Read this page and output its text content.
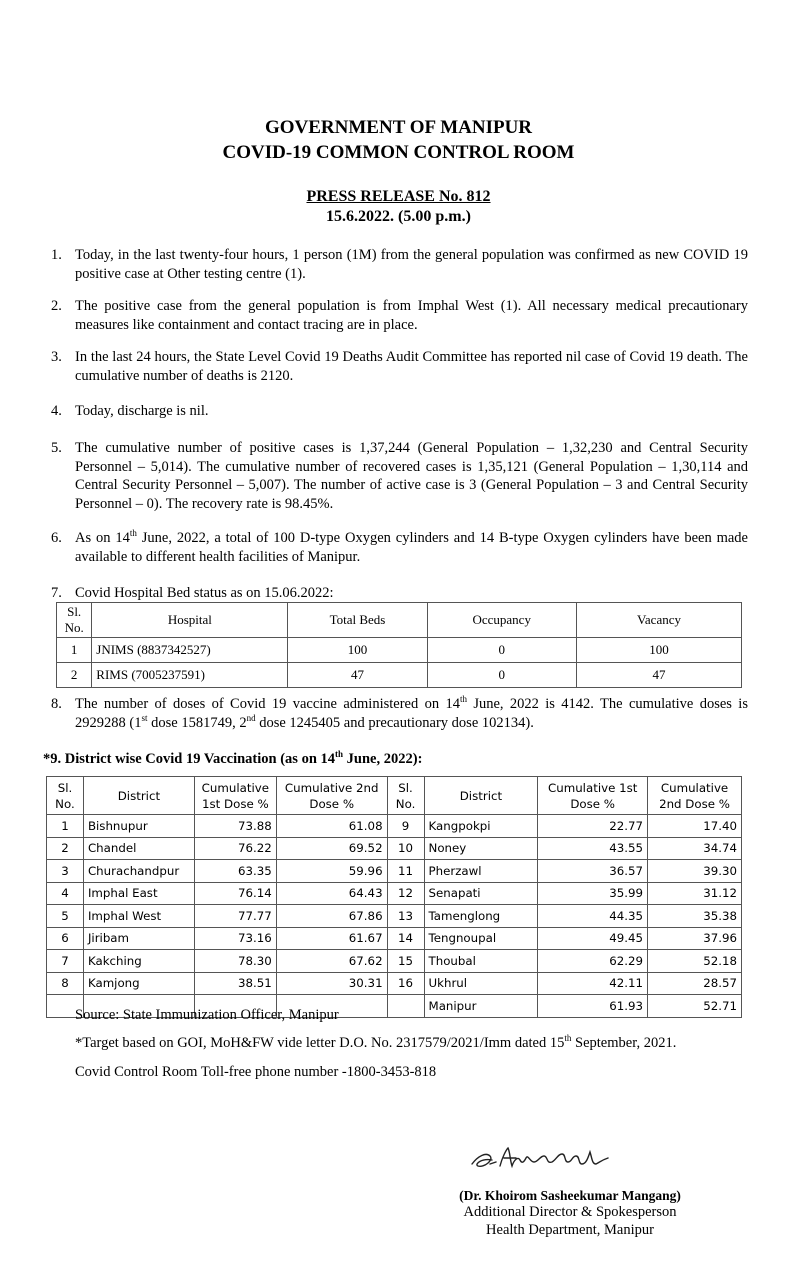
GOVERNMENT OF MANIPUR
COVID-19 COMMON CONTROL ROOM
PRESS RELEASE No. 812
15.6.2022. (5.00 p.m.)
1. Today, in the last twenty-four hours, 1 person (1M) from the general population was confirmed as new COVID 19 positive case at Other testing centre (1).
2. The positive case from the general population is from Imphal West (1). All necessary medical precautionary measures like containment and contact tracing are in place.
3. In the last 24 hours, the State Level Covid 19 Deaths Audit Committee has reported nil case of Covid 19 death. The cumulative number of deaths is 2120.
4. Today, discharge is nil.
5. The cumulative number of positive cases is 1,37,244 (General Population – 1,32,230 and Central Security Personnel – 5,014). The cumulative number of recovered cases is 1,35,121 (General Population – 1,30,114 and Central Security Personnel – 5,007). The number of active case is 3 (General Population – 3 and Central Security Personnel – 0). The recovery rate is 98.45%.
6. As on 14th June, 2022, a total of 100 D-type Oxygen cylinders and 14 B-type Oxygen cylinders have been made available to different health facilities of Manipur.
7. Covid Hospital Bed status as on 15.06.2022:
Sl. No.	Hospital	Total Beds	Occupancy	Vacancy
1	JNIMS (8837342527)	100	0	100
2	RIMS (7005237591)	47	0	47
8. The number of doses of Covid 19 vaccine administered on 14th June, 2022 is 4142. The cumulative doses is 2929288 (1st dose 1581749, 2nd dose 1245405 and precautionary dose 102134).
*9. District wise Covid 19 Vaccination (as on 14th June, 2022):
Sl. No.	District	Cumulative 1st Dose %	Cumulative 2nd Dose %	Sl. No.	District	Cumulative 1st Dose %	Cumulative 2nd Dose %
1	Bishnupur	73.88	61.08	9	Kangpokpi	22.77	17.40
2	Chandel	76.22	69.52	10	Noney	43.55	34.74
3	Churachandpur	63.35	59.96	11	Pherzawl	36.57	39.30
4	Imphal East	76.14	64.43	12	Senapati	35.99	31.12
5	Imphal West	77.77	67.86	13	Tamenglong	44.35	35.38
6	Jiribam	73.16	61.67	14	Tengnoupal	49.45	37.96
7	Kakching	78.30	67.62	15	Thoubal	62.29	52.18
8	Kamjong	38.51	30.31	16	Ukhrul	42.11	28.57
					Manipur	61.93	52.71
Source: State Immunization Officer, Manipur
*Target based on GOI, MoH&FW vide letter D.O. No. 2317579/2021/Imm dated 15th September, 2021.
Covid Control Room Toll-free phone number -1800-3453-818
(Dr. Khoirom Sasheekumar Mangang)
Additional Director & Spokesperson
Health Department, Manipur
